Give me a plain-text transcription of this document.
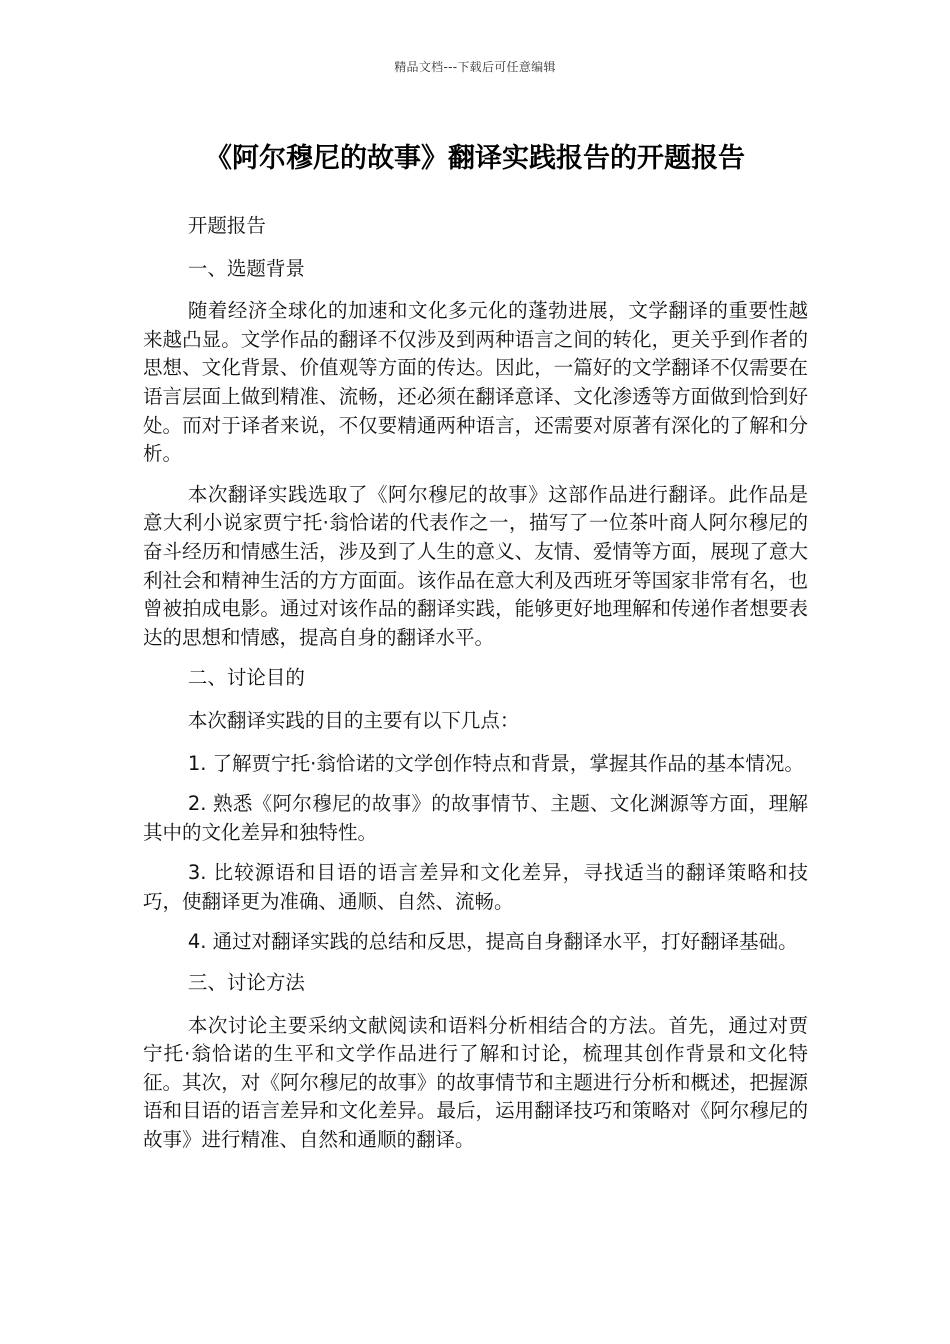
精品文档---下载后可任意编辑
《阿尔穆尼的故事》翻译实践报告的开题报告

开题报告

一、选题背景

随着经济全球化的加速和文化多元化的蓬勃进展，文学翻译的重要性越来越凸显。文学作品的翻译不仅涉及到两种语言之间的转化，更关乎到作者的思想、文化背景、价值观等方面的传达。因此，一篇好的文学翻译不仅需要在语言层面上做到精准、流畅，还必须在翻译意译、文化渗透等方面做到恰到好处。而对于译者来说，不仅要精通两种语言，还需要对原著有深化的了解和分析。

本次翻译实践选取了《阿尔穆尼的故事》这部作品进行翻译。此作品是意大利小说家贾宁托·翁恰诺的代表作之一，描写了一位茶叶商人阿尔穆尼的奋斗经历和情感生活，涉及到了人生的意义、友情、爱情等方面，展现了意大利社会和精神生活的方方面面。该作品在意大利及西班牙等国家非常有名，也曾被拍成电影。通过对该作品的翻译实践，能够更好地理解和传递作者想要表达的思想和情感，提高自身的翻译水平。

二、讨论目的

本次翻译实践的目的主要有以下几点：

1. 了解贾宁托·翁恰诺的文学创作特点和背景，掌握其作品的基本情况。

2. 熟悉《阿尔穆尼的故事》的故事情节、主题、文化渊源等方面，理解其中的文化差异和独特性。

3. 比较源语和目语的语言差异和文化差异，寻找适当的翻译策略和技巧，使翻译更为准确、通顺、自然、流畅。

4. 通过对翻译实践的总结和反思，提高自身翻译水平，打好翻译基础。

三、讨论方法

本次讨论主要采纳文献阅读和语料分析相结合的方法。首先，通过对贾宁托·翁恰诺的生平和文学作品进行了解和讨论，梳理其创作背景和文化特征。其次，对《阿尔穆尼的故事》的故事情节和主题进行分析和概述，把握源语和目语的语言差异和文化差异。最后，运用翻译技巧和策略对《阿尔穆尼的故事》进行精准、自然和通顺的翻译。
